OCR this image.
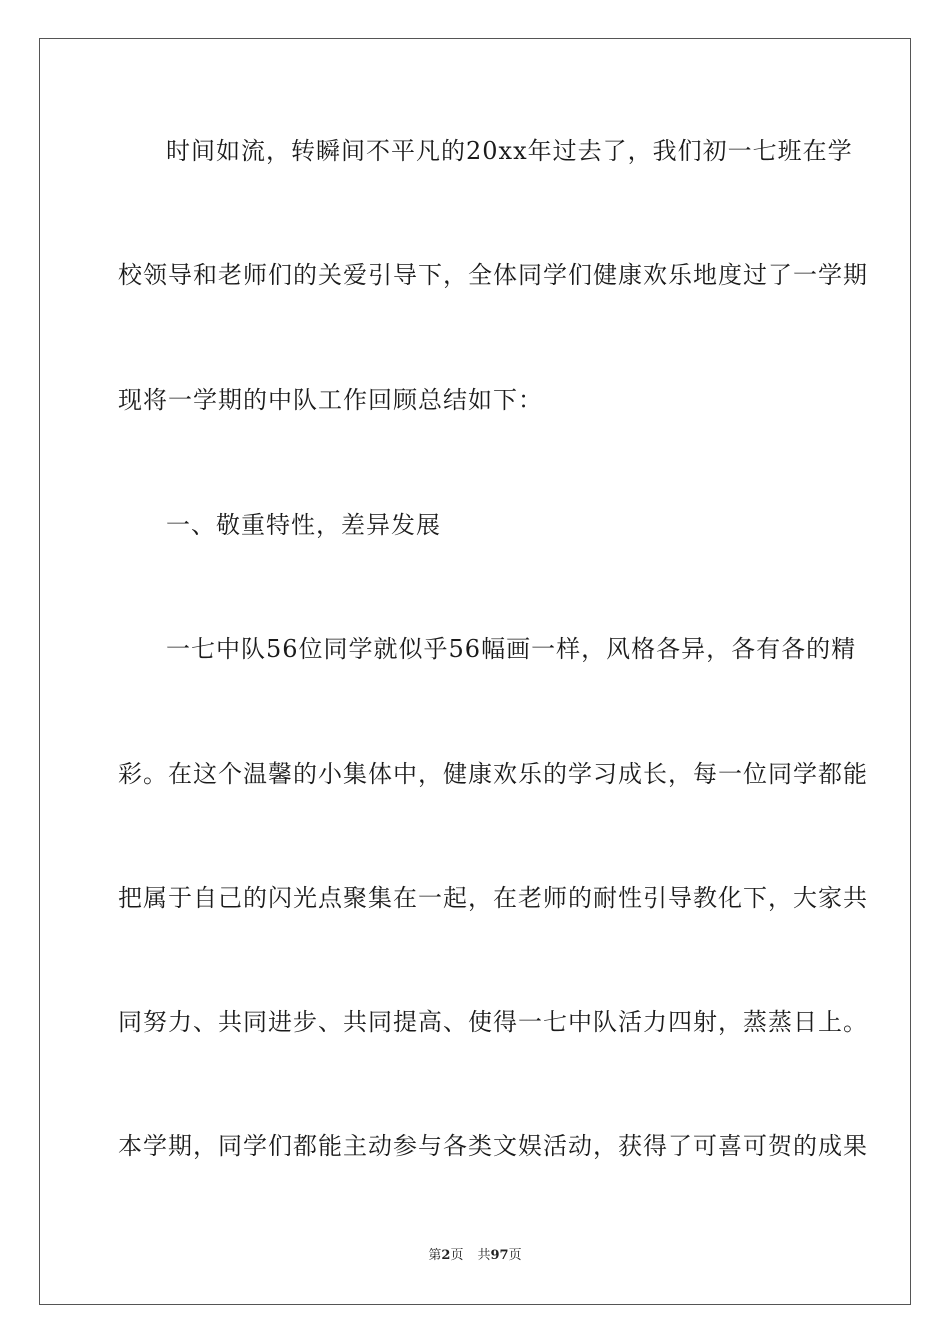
时间如流，转瞬间不平凡的20xx年过去了，我们初一七班在学
校领导和老师们的关爱引导下，全体同学们健康欢乐地度过了一学期
现将一学期的中队工作回顾总结如下：
一、敬重特性，差异发展
一七中队56位同学就似乎56幅画一样，风格各异，各有各的精
彩。在这个温馨的小集体中，健康欢乐的学习成长，每一位同学都能
把属于自己的闪光点聚集在一起，在老师的耐性引导教化下，大家共
同努力、共同进步、共同提高、使得一七中队活力四射，蒸蒸日上。
本学期，同学们都能主动参与各类文娱活动，获得了可喜可贺的成果
第2页 共97页
